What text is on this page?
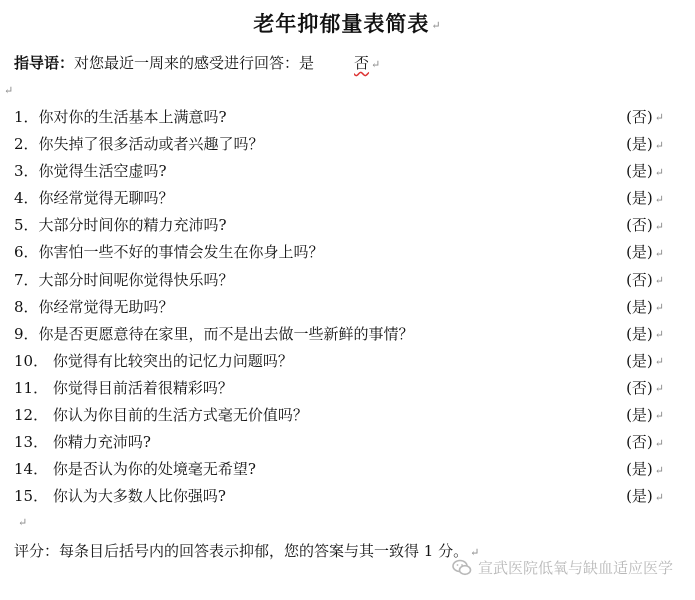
老年抑郁量表简表 ↵
指导语：对您最近一周来的感受进行回答：是	否 ↵
↵
1．你对你的生活基本上满意吗?	(否) ↵
2．你失掉了很多活动或者兴趣了吗？	(是) ↵
3．你觉得生活空虚吗?	(是) ↵
4．你经常觉得无聊吗？	(是) ↵
5．大部分时间你的精力充沛吗?	(否) ↵
6．你害怕一些不好的事情会发生在你身上吗？	(是) ↵
7．大部分时间呢你觉得快乐吗？	(否) ↵
8．你经常觉得无助吗？	(是) ↵
9．你是否更愿意待在家里，而不是出去做一些新鲜的事情？	(是) ↵
10． 你觉得有比较突出的记忆力问题吗？	(是) ↵
11． 你觉得目前活着很精彩吗？	(否) ↵
12． 你认为你目前的生活方式毫无价值吗？	(是) ↵
13． 你精力充沛吗?	(否) ↵
14． 你是否认为你的处境毫无希望?	(是) ↵
15． 你认为大多数人比你强吗?	(是) ↵
↵
评分：每条目后括号内的回答表示抑郁，您的答案与其一致得 1 分。 ↵
宣武医院低氧与缺血适应医学
